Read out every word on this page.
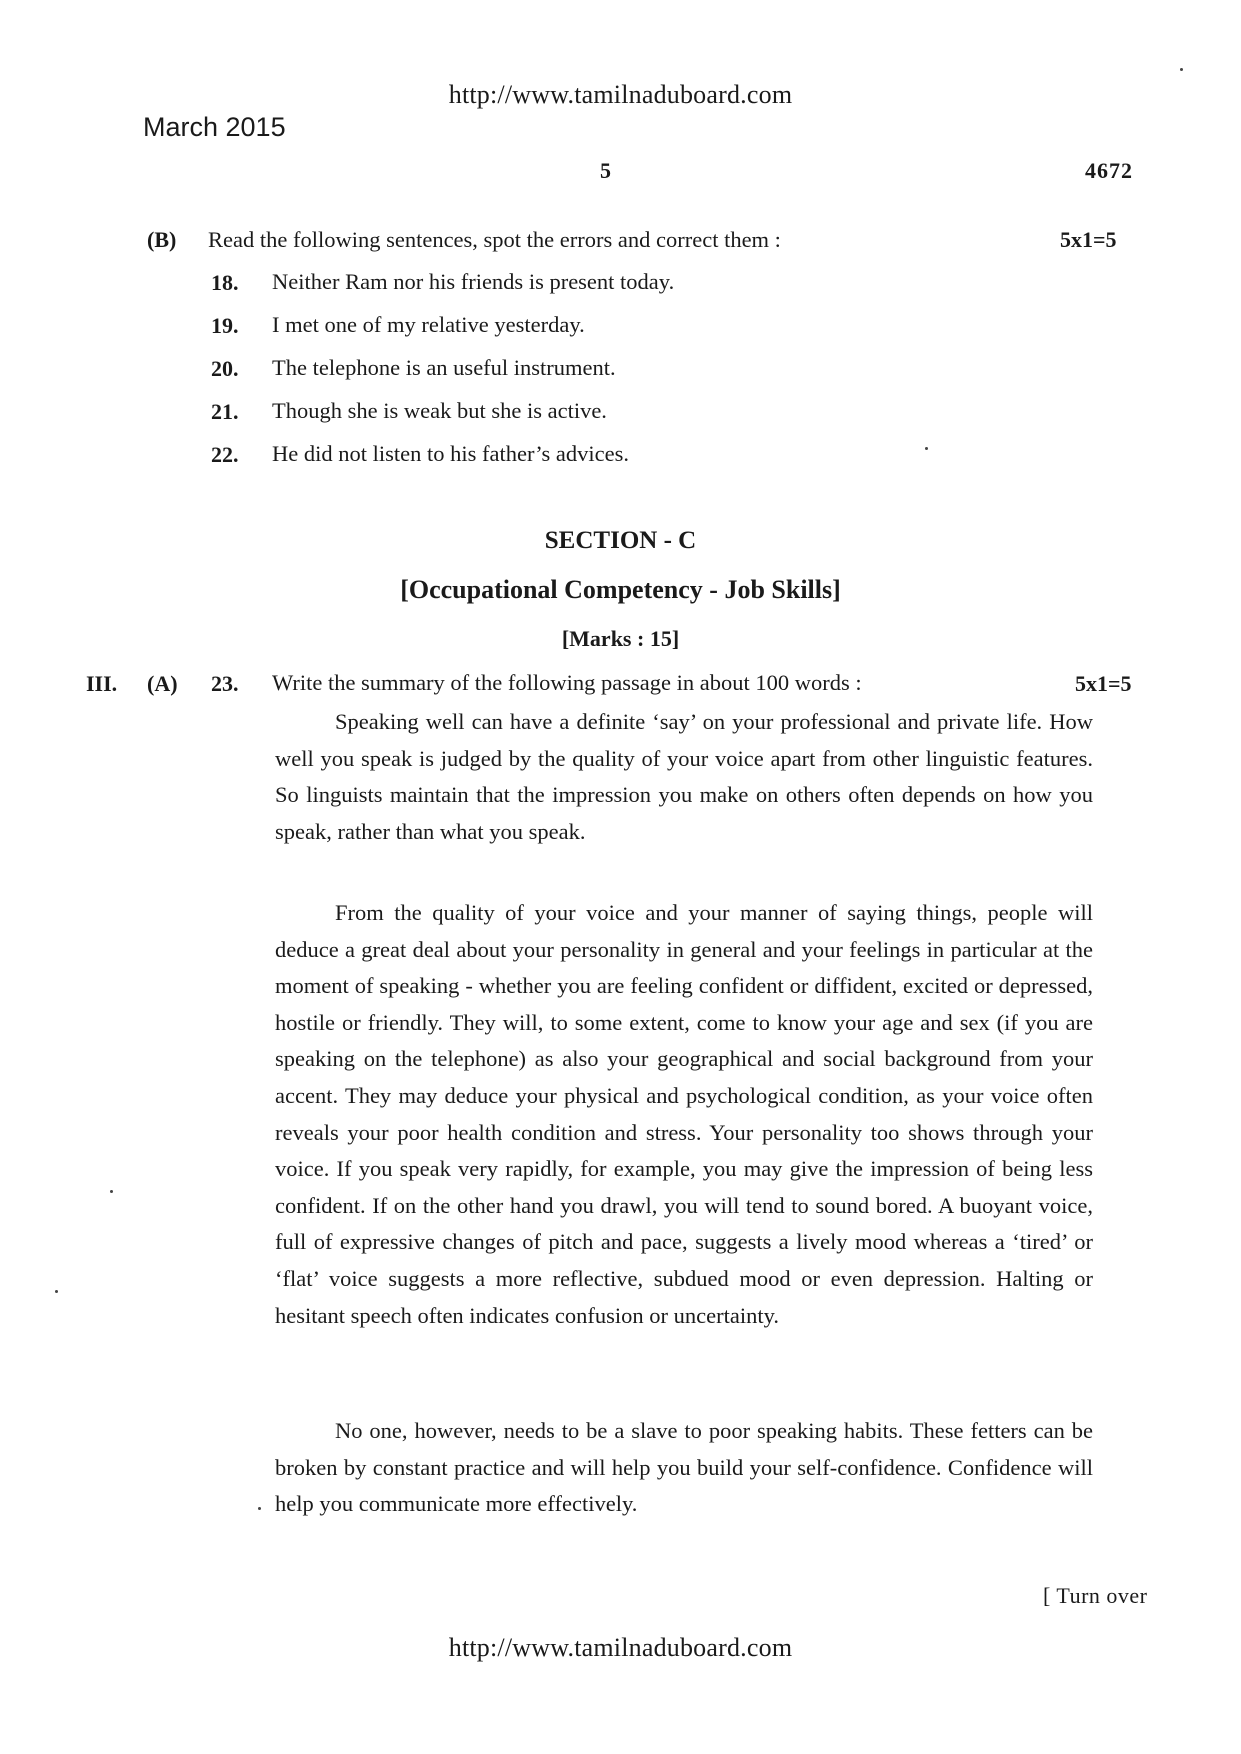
http://www.tamilnaduboard.com
March 2015
5	4672
(B) Read the following sentences, spot the errors and correct them :	5x1=5
18. Neither Ram nor his friends is present today.
19. I met one of my relative yesterday.
20. The telephone is an useful instrument.
21. Though she is weak but she is active.
22. He did not listen to his father’s advices.
SECTION - C
[Occupational Competency - Job Skills]
[Marks : 15]
III. (A) 23. Write the summary of the following passage in about 100 words :	5x1=5

Speaking well can have a definite ‘say’ on your professional and private life. How well you speak is judged by the quality of your voice apart from other linguistic features. So linguists maintain that the impression you make on others often depends on how you speak, rather than what you speak.

From the quality of your voice and your manner of saying things, people will deduce a great deal about your personality in general and your feelings in particular at the moment of speaking - whether you are feeling confident or diffident, excited or depressed, hostile or friendly. They will, to some extent, come to know your age and sex (if you are speaking on the telephone) as also your geographical and social background from your accent. They may deduce your physical and psychological condition, as your voice often reveals your poor health condition and stress. Your personality too shows through your voice. If you speak very rapidly, for example, you may give the impression of being less confident. If on the other hand you drawl, you will tend to sound bored. A buoyant voice, full of expressive changes of pitch and pace, suggests a lively mood whereas a ‘tired’ or ‘flat’ voice suggests a more reflective, subdued mood or even depression. Halting or hesitant speech often indicates confusion or uncertainty.

No one, however, needs to be a slave to poor speaking habits. These fetters can be broken by constant practice and will help you build your self-confidence. Confidence will help you communicate more effectively.

[ Turn over
http://www.tamilnaduboard.com
